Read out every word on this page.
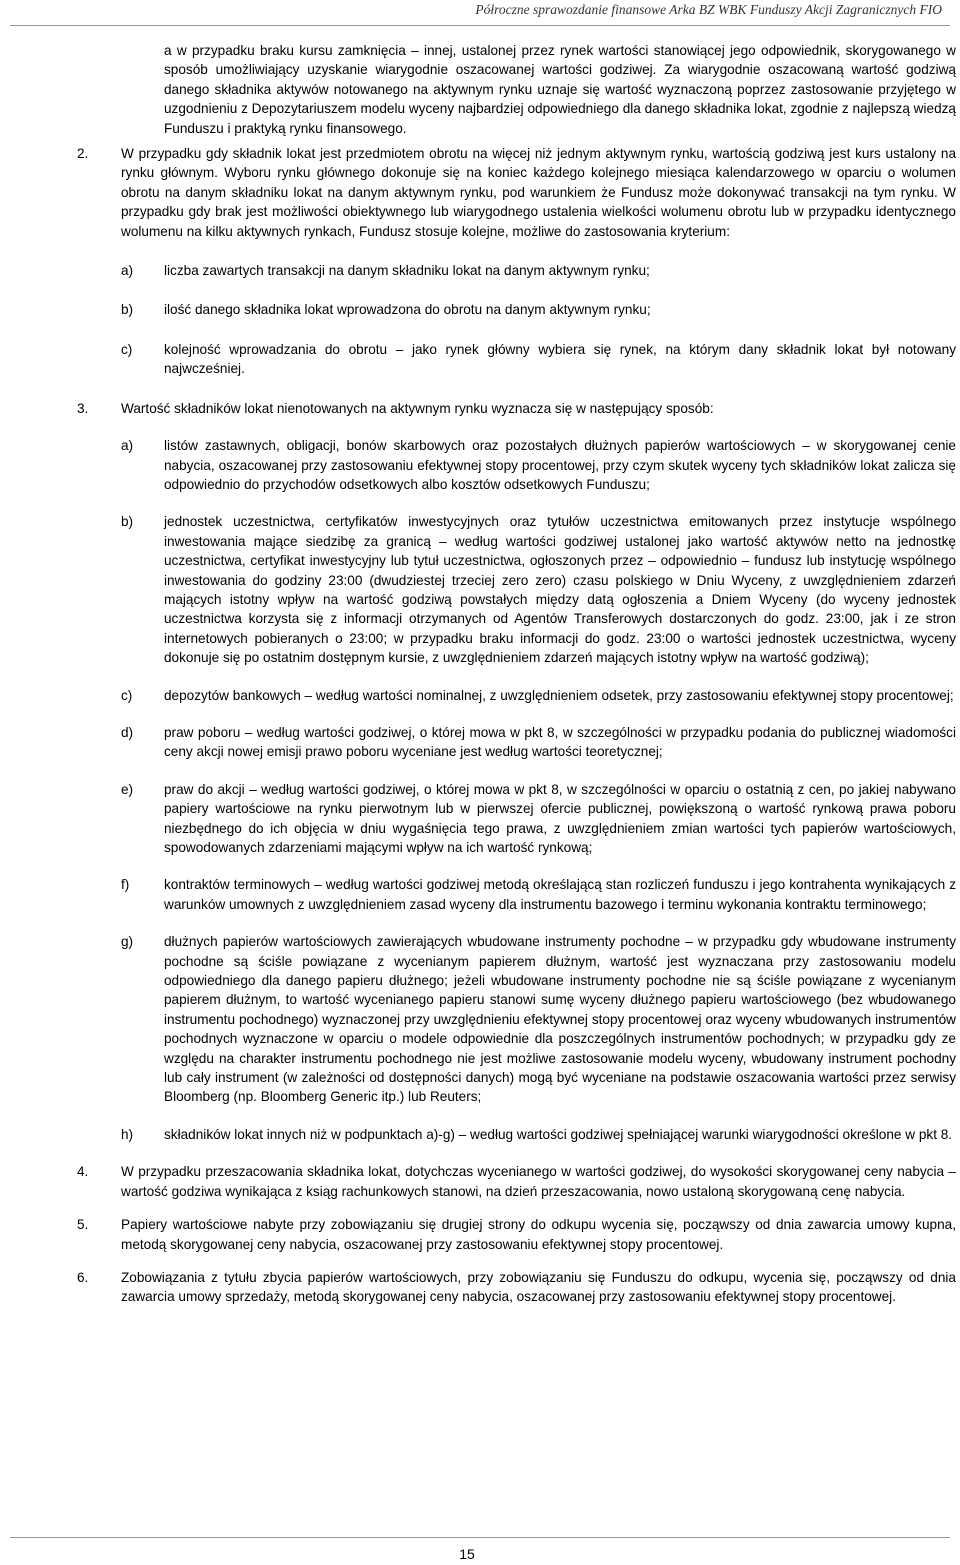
Półroczne sprawozdanie finansowe Arka BZ WBK Funduszy Akcji Zagranicznych FIO
a w przypadku braku kursu zamknięcia – innej, ustalonej przez rynek wartości stanowiącej jego odpowiednik, skorygowanego w sposób umożliwiający uzyskanie wiarygodnie oszacowanej wartości godziwej. Za wiarygodnie oszacowaną wartość godziwą danego składnika aktywów notowanego na aktywnym rynku uznaje się wartość wyznaczoną poprzez zastosowanie przyjętego w uzgodnieniu z Depozytariuszem modelu wyceny najbardziej odpowiedniego dla danego składnika lokat, zgodnie z najlepszą wiedzą Funduszu i praktyką rynku finansowego.
2. W przypadku gdy składnik lokat jest przedmiotem obrotu na więcej niż jednym aktywnym rynku, wartością godziwą jest kurs ustalony na rynku głównym. Wyboru rynku głównego dokonuje się na koniec każdego kolejnego miesiąca kalendarzowego w oparciu o wolumen obrotu na danym składniku lokat na danym aktywnym rynku, pod warunkiem że Fundusz może dokonywać transakcji na tym rynku. W przypadku gdy brak jest możliwości obiektywnego lub wiarygodnego ustalenia wielkości wolumenu obrotu lub w przypadku identycznego wolumenu na kilku aktywnych rynkach, Fundusz stosuje kolejne, możliwe do zastosowania kryterium:
a) liczba zawartych transakcji na danym składniku lokat na danym aktywnym rynku;
b) ilość danego składnika lokat wprowadzona do obrotu na danym aktywnym rynku;
c) kolejność wprowadzania do obrotu – jako rynek główny wybiera się rynek, na którym dany składnik lokat był notowany najwcześniej.
3. Wartość składników lokat nienotowanych na aktywnym rynku wyznacza się w następujący sposób:
a) listów zastawnych, obligacji, bonów skarbowych oraz pozostałych dłużnych papierów wartościowych – w skorygowanej cenie nabycia, oszacowanej przy zastosowaniu efektywnej stopy procentowej, przy czym skutek wyceny tych składników lokat zalicza się odpowiednio do przychodów odsetkowych albo kosztów odsetkowych Funduszu;
b) jednostek uczestnictwa, certyfikatów inwestycyjnych oraz tytułów uczestnictwa emitowanych przez instytucje wspólnego inwestowania mające siedzibę za granicą – według wartości godziwej ustalonej jako wartość aktywów netto na jednostkę uczestnictwa, certyfikat inwestycyjny lub tytuł uczestnictwa, ogłoszonych przez – odpowiednio – fundusz lub instytucję wspólnego inwestowania do godziny 23:00 (dwudziestej trzeciej zero zero) czasu polskiego w Dniu Wyceny, z uwzględnieniem zdarzeń mających istotny wpływ na wartość godziwą powstałych między datą ogłoszenia a Dniem Wyceny (do wyceny jednostek uczestnictwa korzysta się z informacji otrzymanych od Agentów Transferowych dostarczonych do godz. 23:00, jak i ze stron internetowych pobieranych o 23:00; w przypadku braku informacji do godz. 23:00 o wartości jednostek uczestnictwa, wyceny dokonuje się po ostatnim dostępnym kursie, z uwzględnieniem zdarzeń mających istotny wpływ na wartość godziwą);
c) depozytów bankowych – według wartości nominalnej, z uwzględnieniem odsetek, przy zastosowaniu efektywnej stopy procentowej;
d) praw poboru – według wartości godziwej, o której mowa w pkt 8, w szczególności w przypadku podania do publicznej wiadomości ceny akcji nowej emisji prawo poboru wyceniane jest według wartości teoretycznej;
e) praw do akcji – według wartości godziwej, o której mowa w pkt 8, w szczególności w oparciu o ostatnią z cen, po jakiej nabywano papiery wartościowe na rynku pierwotnym lub w pierwszej ofercie publicznej, powiększoną o wartość rynkową prawa poboru niezbędnego do ich objęcia w dniu wygaśnięcia tego prawa, z uwzględnieniem zmian wartości tych papierów wartościowych, spowodowanych zdarzeniami mającymi wpływ na ich wartość rynkową;
f)	kontraktów terminowych – według wartości godziwej metodą określającą stan rozliczeń funduszu i jego kontrahenta wynikających z warunków umownych z uwzględnieniem zasad wyceny dla instrumentu bazowego i terminu wykonania kontraktu terminowego;
g) dłużnych papierów wartościowych zawierających wbudowane instrumenty pochodne – w przypadku gdy wbudowane instrumenty pochodne są ściśle powiązane z wycenianym papierem dłużnym, wartość jest wyznaczana przy zastosowaniu modelu odpowiedniego dla danego papieru dłużnego; jeżeli wbudowane instrumenty pochodne nie są ściśle powiązane z wycenianym papierem dłużnym, to wartość wycenianego papieru stanowi sumę wyceny dłużnego papieru wartościowego (bez wbudowanego instrumentu pochodnego) wyznaczonej przy uwzględnieniu efektywnej stopy procentowej oraz wyceny wbudowanych instrumentów pochodnych wyznaczone w oparciu o modele odpowiednie dla poszczególnych instrumentów pochodnych; w przypadku gdy ze względu na charakter instrumentu pochodnego nie jest możliwe zastosowanie modelu wyceny, wbudowany instrument pochodny lub cały instrument (w zależności od dostępności danych) mogą być wyceniane na podstawie oszacowania wartości przez serwisy Bloomberg (np. Bloomberg Generic itp.) lub Reuters;
h) składników lokat innych niż w podpunktach a)-g) – według wartości godziwej spełniającej warunki wiarygodności określone w pkt 8.
4. W przypadku przeszacowania składnika lokat, dotychczas wycenianego w wartości godziwej, do wysokości skorygowanej ceny nabycia – wartość godziwa wynikająca z ksiąg rachunkowych stanowi, na dzień przeszacowania, nowo ustaloną skorygowaną cenę nabycia.
5. Papiery wartościowe nabyte przy zobowiązaniu się drugiej strony do odkupu wycenia się, począwszy od dnia zawarcia umowy kupna, metodą skorygowanej ceny nabycia, oszacowanej przy zastosowaniu efektywnej stopy procentowej.
6. Zobowiązania z tytułu zbycia papierów wartościowych, przy zobowiązaniu się Funduszu do odkupu, wycenia się, począwszy od dnia zawarcia umowy sprzedaży, metodą skorygowanej ceny nabycia, oszacowanej przy zastosowaniu efektywnej stopy procentowej.
15
